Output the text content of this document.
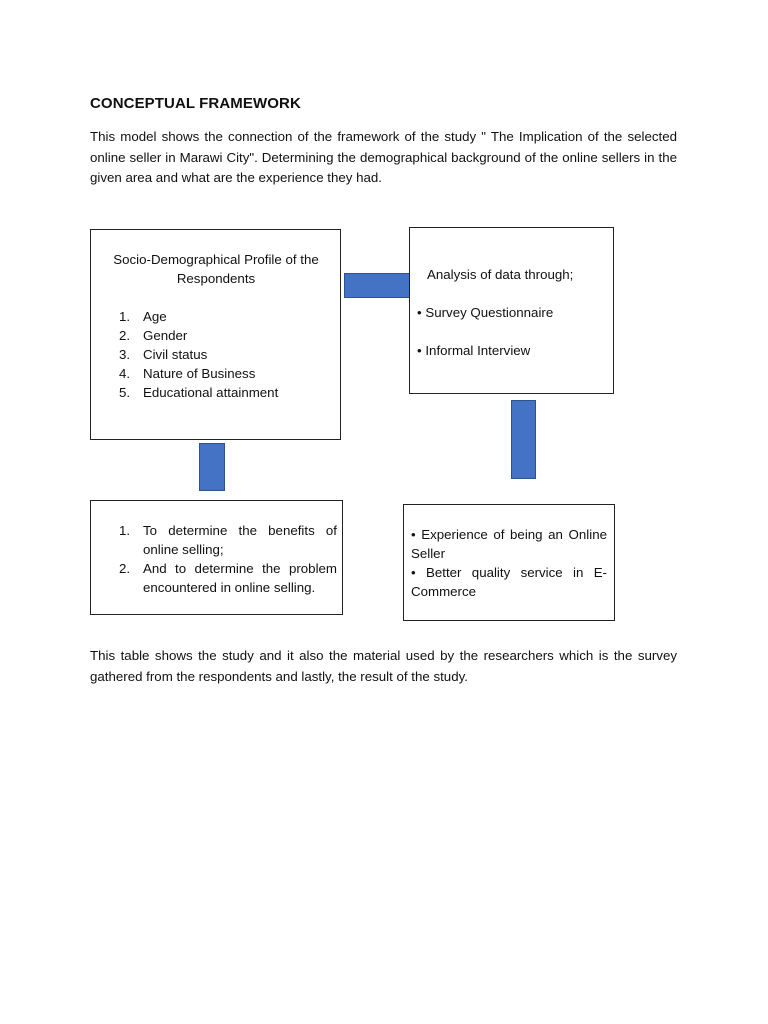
CONCEPTUAL FRAMEWORK

This model shows the connection of the framework of the study " The Implication of the selected online seller in Marawi City". Determining the demographical background of the online sellers in the given area and what are the experience they had.

Socio-Demographical Profile of the
Respondents
1. Age
2. Gender
3. Civil status
4. Nature of Business
5. Educational attainment
Analysis of data through;
• Survey Questionnaire
• Informal Interview
1. To determine the benefits of online selling;
2. And to determine the problem encountered in online selling.

• Experience of being an Online Seller

• Better quality service in E-Commerce

This table shows the study and it also the material used by the researchers which is the survey gathered from the respondents and lastly, the result of the study.
